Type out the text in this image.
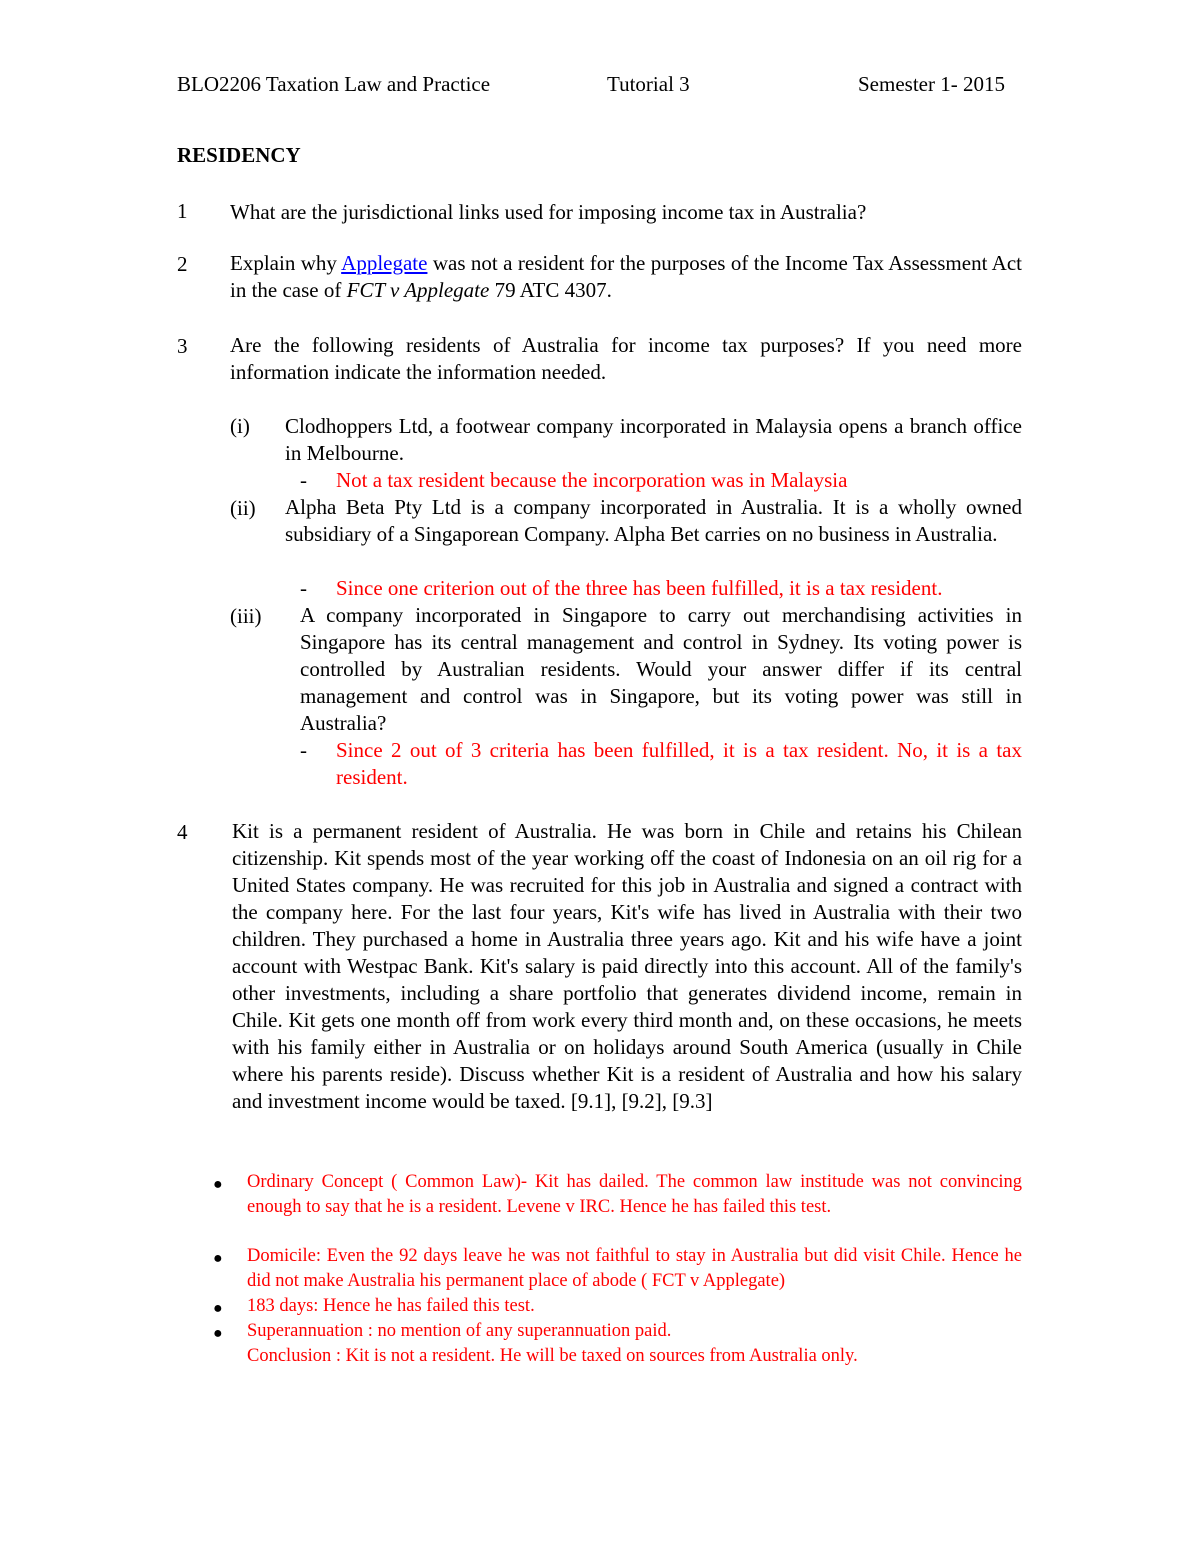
BLO2206 Taxation Law and Practice	Tutorial 3	Semester 1- 2015
RESIDENCY
1 What are the jurisdictional links used for imposing income tax in Australia?
2 Explain why Applegate was not a resident for the purposes of the Income Tax Assessment Act in the case of FCT v Applegate 79 ATC 4307.
3 Are the following residents of Australia for income tax purposes? If you need more information indicate the information needed.
(i) Clodhoppers Ltd, a footwear company incorporated in Malaysia opens a branch office in Melbourne.
- Not a tax resident because the incorporation was in Malaysia
(ii) Alpha Beta Pty Ltd is a company incorporated in Australia. It is a wholly owned subsidiary of a Singaporean Company. Alpha Bet carries on no business in Australia.
- Since one criterion out of the three has been fulfilled, it is a tax resident.
(iii) A company incorporated in Singapore to carry out merchandising activities in Singapore has its central management and control in Sydney. Its voting power is controlled by Australian residents. Would your answer differ if its central management and control was in Singapore, but its voting power was still in Australia?
-	Since 2 out of 3 criteria has been fulfilled, it is a tax resident. No, it is a tax resident.
4 Kit is a permanent resident of Australia. He was born in Chile and retains his Chilean citizenship. Kit spends most of the year working off the coast of Indonesia on an oil rig for a United States company. He was recruited for this job in Australia and signed a contract with the company here. For the last four years, Kit's wife has lived in Australia with their two children. They purchased a home in Australia three years ago. Kit and his wife have a joint account with Westpac Bank. Kit's salary is paid directly into this account. All of the family's other investments, including a share portfolio that generates dividend income, remain in Chile. Kit gets one month off from work every third month and, on these occasions, he meets with his family either in Australia or on holidays around South America (usually in Chile where his parents reside). Discuss whether Kit is a resident of Australia and how his salary and investment income would be taxed. [9.1], [9.2], [9.3]
● Ordinary Concept ( Common Law)- Kit has dailed. The common law institude was not convincing enough to say that he is a resident. Levene v IRC. Hence he has failed this test.
● Domicile: Even the 92 days leave he was not faithful to stay in Australia but did visit Chile. Hence he did not make Australia his permanent place of abode ( FCT v Applegate)
● 183 days: Hence he has failed this test.
● Superannuation : no mention of any superannuation paid.
Conclusion : Kit is not a resident. He will be taxed on sources from Australia only.
